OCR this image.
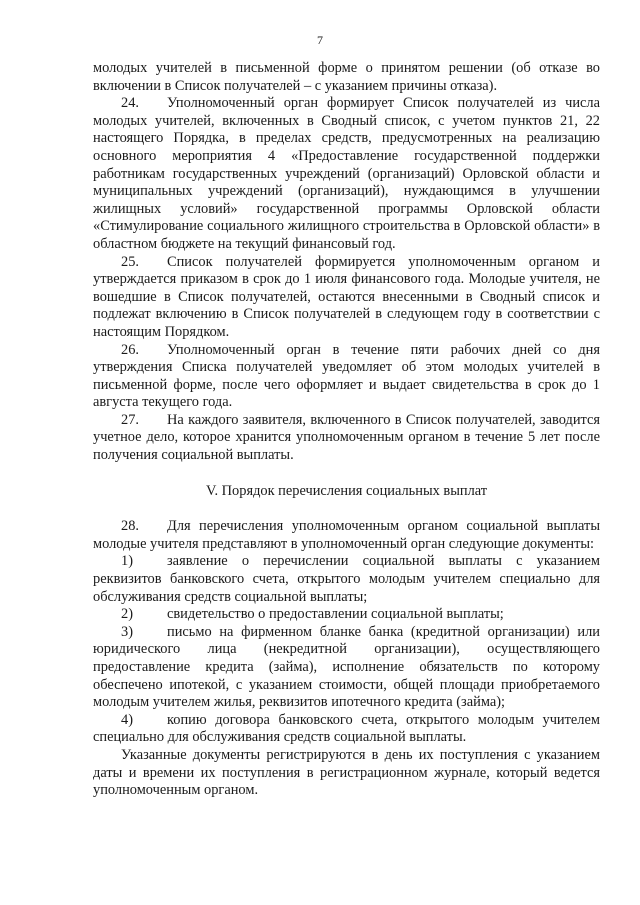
7

молодых учителей в письменной форме о принятом решении (об отказе во включении в Список получателей – с указанием причины отказа).

24. Уполномоченный орган формирует Список получателей из числа молодых учителей, включенных в Сводный список, с учетом пунктов 21, 22 настоящего Порядка, в пределах средств, предусмотренных на реализацию основного мероприятия 4 «Предоставление государственной поддержки работникам государственных учреждений (организаций) Орловской области и муниципальных учреждений (организаций), нуждающимся в улучшении жилищных условий» государственной программы Орловской области «Стимулирование социального жилищного строительства в Орловской области» в областном бюджете на текущий финансовый год.

25. Список получателей формируется уполномоченным органом и утверждается приказом в срок до 1 июля финансового года. Молодые учителя, не вошедшие в Список получателей, остаются внесенными в Сводный список и подлежат включению в Список получателей в следующем году в соответствии с настоящим Порядком.

26. Уполномоченный орган в течение пяти рабочих дней со дня утверждения Списка получателей уведомляет об этом молодых учителей в письменной форме, после чего оформляет и выдает свидетельства в срок до 1 августа текущего года.

27. На каждого заявителя, включенного в Список получателей, заводится учетное дело, которое хранится уполномоченным органом в течение 5 лет после получения социальной выплаты.

V. Порядок перечисления социальных выплат

28. Для перечисления уполномоченным органом социальной выплаты молодые учителя представляют в уполномоченный орган следующие документы:

1) заявление о перечислении социальной выплаты с указанием реквизитов банковского счета, открытого молодым учителем специально для обслуживания средств социальной выплаты;

2) свидетельство о предоставлении социальной выплаты;

3) письмо на фирменном бланке банка (кредитной организации) или юридического лица (некредитной организации), осуществляющего предоставление кредита (займа), исполнение обязательств по которому обеспечено ипотекой, с указанием стоимости, общей площади приобретаемого молодым учителем жилья, реквизитов ипотечного кредита (займа);

4) копию договора банковского счета, открытого молодым учителем специально для обслуживания средств социальной выплаты.

Указанные документы регистрируются в день их поступления с указанием даты и времени их поступления в регистрационном журнале, который ведется уполномоченным органом.
